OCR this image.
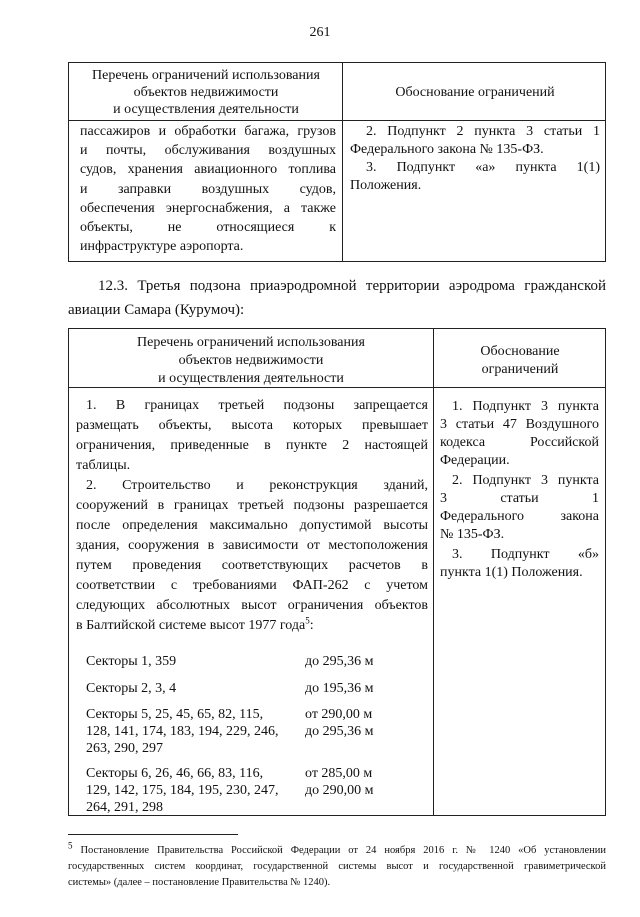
261
Перечень ограничений использования
объектов недвижимости
и осуществления деятельности
Обоснование ограничений
пассажиров и обработки багажа, грузов
и почты, обслуживания воздушных
судов, хранения авиационного топлива
и заправки воздушных судов,
обеспечения энергоснабжения, а также
объекты, не относящиеся к
инфраструктуре аэропорта.
2. Подпункт 2 пункта 3 статьи 1
Федерального закона № 135-ФЗ.
3. Подпункт «а» пункта 1(1)
Положения.
12.3. Третья подзона приаэродромной территории аэродрома гражданской
авиации Самара (Курумоч):
Перечень ограничений использования
объектов недвижимости
и осуществления деятельности
Обоснование
ограничений
1. В границах третьей подзоны запрещается
размещать объекты, высота которых превышает
ограничения, приведенные в пункте 2 настоящей
таблицы.
2. Строительство и реконструкция зданий,
сооружений в границах третьей подзоны разрешается
после определения максимально допустимой высоты
здания, сооружения в зависимости от местоположения
путем проведения соответствующих расчетов в
соответствии с требованиями ФАП-262 с учетом
следующих абсолютных высот ограничения объектов
в Балтийской системе высот 1977 года$^5$:
Секторы 1, 359	до 295,36 м
Секторы 2, 3, 4	до 195,36 м
Секторы 5, 25, 45, 65, 82, 115,
128, 141, 174, 183, 194, 229, 246,
263, 290, 297
от 290,00 м
до 295,36 м
Секторы 6, 26, 46, 66, 83, 116,
129, 142, 175, 184, 195, 230, 247,
264, 291, 298
от 285,00 м
до 290,00 м
1. Подпункт 3 пункта
3 статьи 47 Воздушного
кодекса Российской
Федерации.
2. Подпункт 3 пункта
3 статьи 1
Федерального закона
№ 135-ФЗ.
3. Подпункт «б»
пункта 1(1) Положения.
$^5$ Постановление Правительства Российской Федерации от 24 ноября 2016 г. № 1240 «Об установлении
государственных систем координат, государственной системы высот и государственной гравиметрической
системы» (далее – постановление Правительства № 1240).
